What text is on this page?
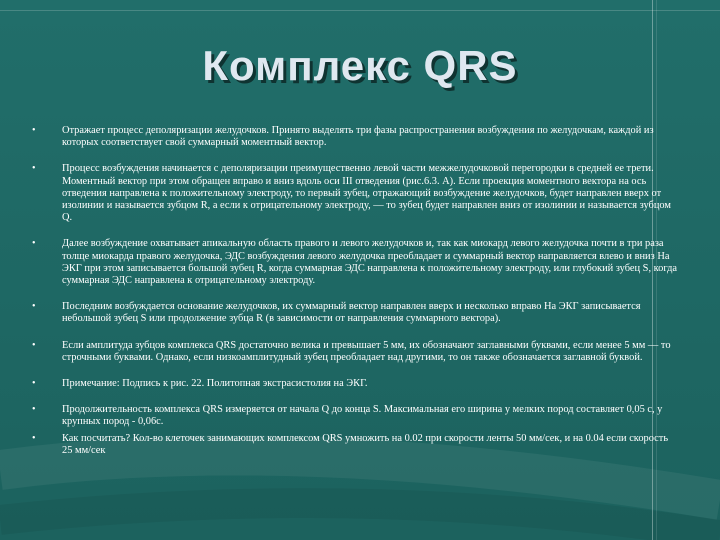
Комплекс QRS
•	Отражает процесс деполяризации желудочков. Принято выделять три фазы распространения возбуждения по желудочкам, каждой из которых соответствует свой суммарный моментный вектор.
•	Процесс возбуждения начинается с деполяризации преимущественно левой части межжелудочковой перегородки в средней ее трети. Моментный вектор при этом обращен вправо и вниз вдоль оси III отведения (рис.6.3. А). Если проекция моментного вектора на ось отведения направлена к положительному электроду, то первый зубец, отражающий возбуждение желудочков, будет направлен вверх от изолинии и называется зубцом R, а если к отрицательному электроду, — то зубец будет направлен вниз от изолинии и называется зубцом Q.
•	Далее возбуждение охватывает апикальную область правого и левого желудочков и, так как миокард левого желудочка почти в три раза толще миокарда правого желудочка, ЭДС возбуждения левого желудочка преобладает и суммарный вектор направляется влево и вниз На ЭКГ при этом записывается большой зубец R, когда суммарная ЭДС направлена к положительному электроду, или глубокий зубец S, когда суммарная ЭДС направлена к отрицательному электроду.
•	Последним возбуждается основание желудочков, их суммарный вектор направлен вверх и несколько вправо На ЭКГ записывается небольшой зубец S или продолжение зубца R (в зависимости от направления суммарного вектора).
•	Если амплитуда зубцов комплекса QRS достаточно велика и превышает 5 мм, их обозначают заглавными буквами, если менее 5 мм — то строчными буквами. Однако, если низкоамплитудный зубец преобладает над другими, то он также обозначается заглавной буквой.
•	Примечание: Подпись к рис. 22. Политопная экстрасистолия на ЭКГ.
•	Продолжительность комплекса QRS измеряется от начала Q до конца S. Максимальная его ширина у мелких пород составляет 0,05 с, у крупных пород - 0,06с.
•	Как посчитать? Кол-во клеточек занимающих комплексом QRS умножить на 0.02 при скорости ленты 50 мм/сек, и на 0.04 если скорость 25 мм/сек
